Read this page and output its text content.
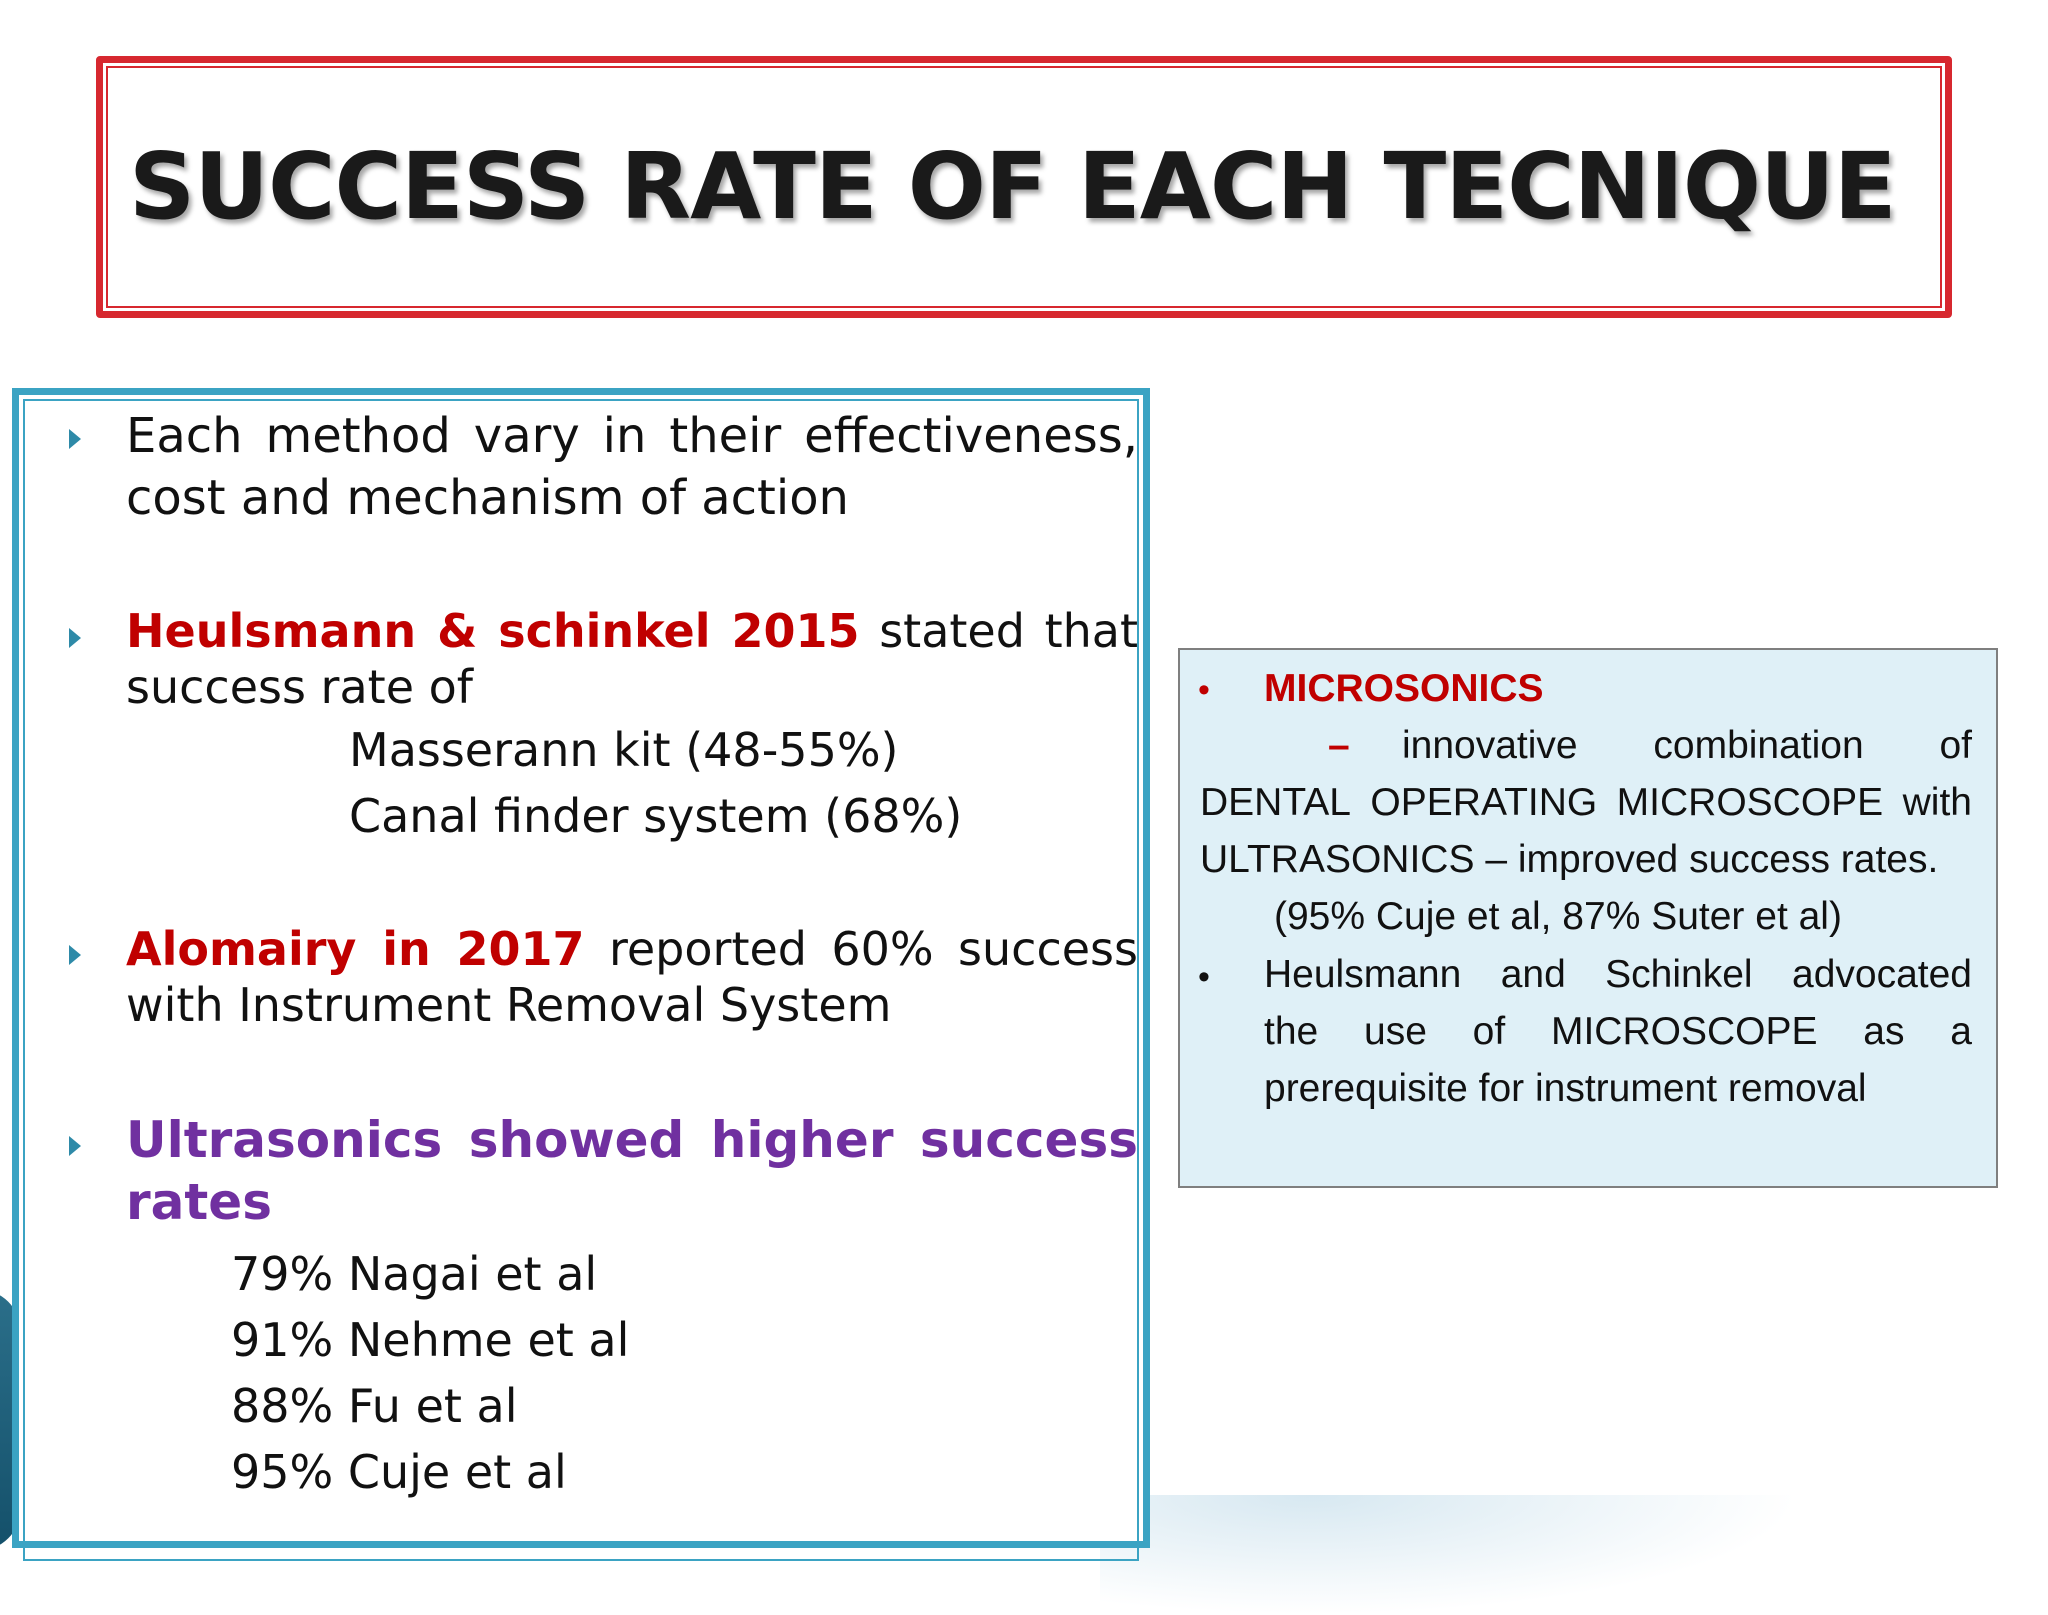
SUCCESS RATE OF EACH TECNIQUE
Each method vary in their effectiveness, cost and mechanism of action
Heulsmann & schinkel 2015 stated that success rate of
Masserann kit (48-55%)
Canal finder system (68%)
Alomairy in 2017 reported 60% success with Instrument Removal System
Ultrasonics showed higher success rates
79% Nagai et al
91% Nehme et al
88% Fu et al
95% Cuje et al
• MICROSONICS
– innovative combination of
DENTAL OPERATING MICROSCOPE with
ULTRASONICS – improved success rates.
(95% Cuje et al, 87% Suter et al)
• Heulsmann and Schinkel advocated
the use of MICROSCOPE as a
prerequisite for instrument removal
